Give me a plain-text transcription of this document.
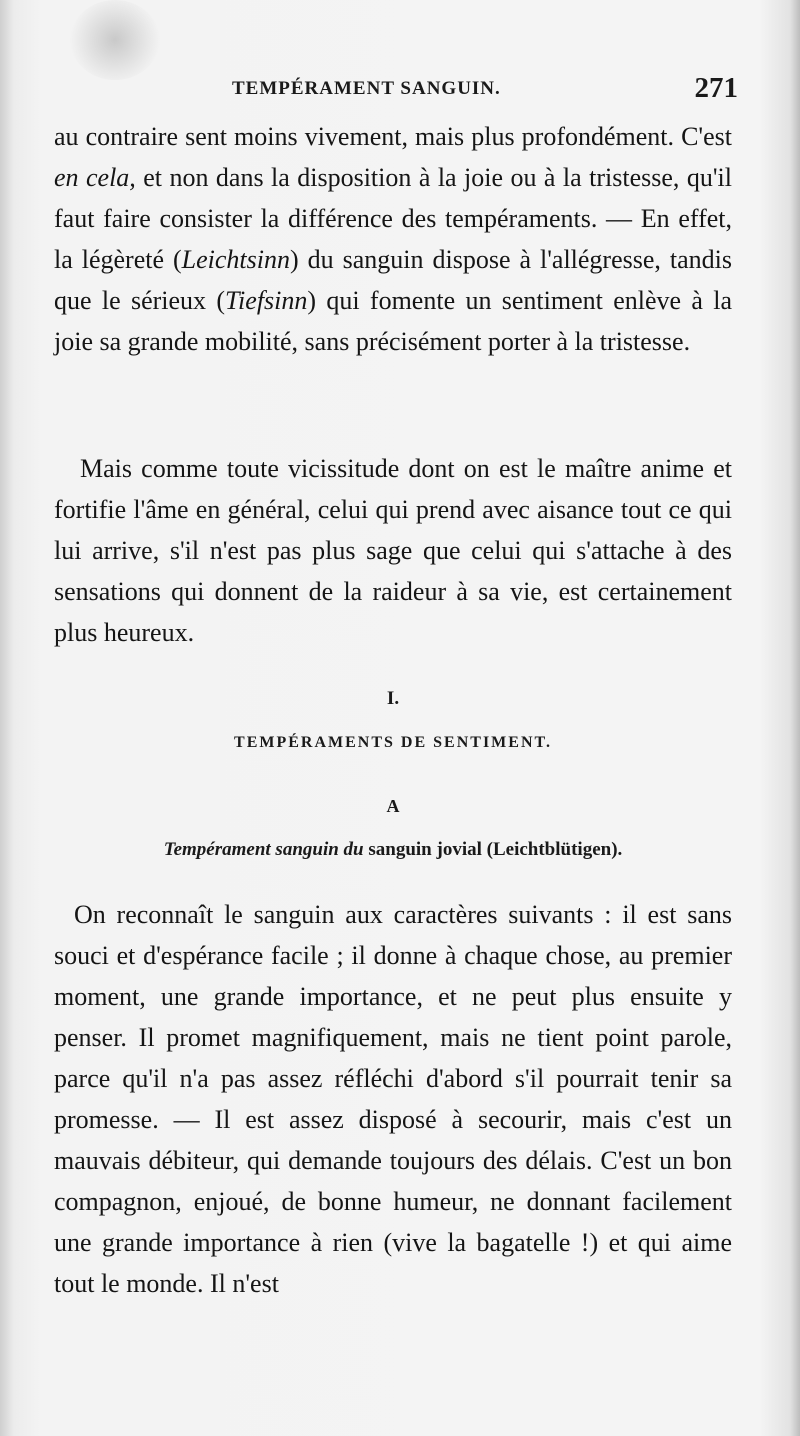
TEMPÉRAMENT SANGUIN.	271

au contraire sent moins vivement, mais plus profondément. C'est en cela, et non dans la disposition à la joie ou à la tristesse, qu'il faut faire consister la différence des tempéraments. — En effet, la légèreté (Leichtsinn) du sanguin dispose à l'allégresse, tandis que le sérieux (Tiefsinn) qui fomente un sentiment enlève à la joie sa grande mobilité, sans précisément porter à la tristesse.

Mais comme toute vicissitude dont on est le maître anime et fortifie l'âme en général, celui qui prend avec aisance tout ce qui lui arrive, s'il n'est pas plus sage que celui qui s'attache à des sensations qui donnent de la raideur à sa vie, est certainement plus heureux.

I.
TEMPÉRAMENTS DE SENTIMENT.
A
Tempérament sanguin du sanguin jovial (Leichtblütigen).

On reconnaît le sanguin aux caractères suivants : il est sans souci et d'espérance facile ; il donne à chaque chose, au premier moment, une grande importance, et ne peut plus ensuite y penser. Il promet magnifiquement, mais ne tient point parole, parce qu'il n'a pas assez réfléchi d'abord s'il pourrait tenir sa promesse. — Il est assez disposé à secourir, mais c'est un mauvais débiteur, qui demande toujours des délais. C'est un bon compagnon, enjoué, de bonne humeur, ne donnant facilement une grande importance à rien (vive la bagatelle !) et qui aime tout le monde. Il n'est
